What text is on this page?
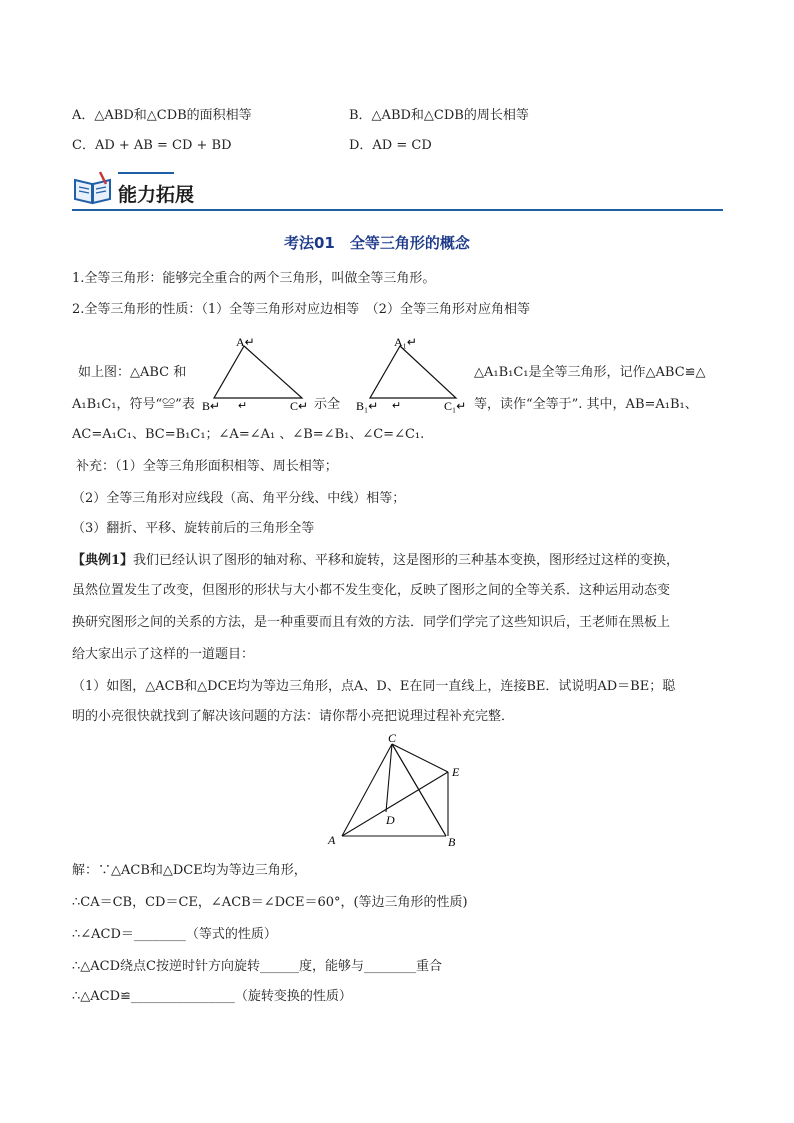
A．△ABD和△CDB的面积相等	B．△ABD和△CDB的周长相等
C．AD + AB = CD + BD	D．AD = CD
能力拓展
考法01　全等三角形的概念
1.全等三角形：能够完全重合的两个三角形，叫做全等三角形。
2.全等三角形的性质：（1）全等三角形对应边相等　（2）全等三角形对应角相等
A↵
B↵ ↵	C↵
A₁↵
B₁↵ ↵	C₁↵
如上图：△ABC 和
示全
△A₁B₁C₁是全等三角形，记作△ABC≌△
A₁B₁C₁，符号“≌”表	等，读作“全等于”. 其中，AB=A₁B₁、
AC=A₁C₁、BC=B₁C₁；∠A=∠A₁ 、∠B=∠B₁、∠C=∠C₁.
补充：（1）全等三角形面积相等、周长相等；
（2）全等三角形对应线段（高、角平分线、中线）相等；
（3）翻折、平移、旋转前后的三角形全等
【典例1】我们已经认识了图形的轴对称、平移和旋转，这是图形的三种基本变换，图形经过这样的变换，
虽然位置发生了改变，但图形的形状与大小都不发生变化，反映了图形之间的全等关系．这种运用动态变
换研究图形之间的关系的方法，是一种重要而且有效的方法．同学们学完了这些知识后，王老师在黑板上
给大家出示了这样的一道题目：
（1）如图，△ACB和△DCE均为等边三角形，点A、D、E在同一直线上，连接BE．试说明AD＝BE；聪
明的小亮很快就找到了解决该问题的方法：请你帮小亮把说理过程补充完整．
C
E
A
D
B
解：∵△ACB和△DCE均为等边三角形，
∴CA＝CB，CD＝CE，∠ACB＝∠DCE＝60°，(等边三角形的性质)
∴∠ACD＝________（等式的性质）
∴△ACD绕点C按逆时针方向旋转______度，能够与________重合
∴△ACD≌________________（旋转变换的性质）
